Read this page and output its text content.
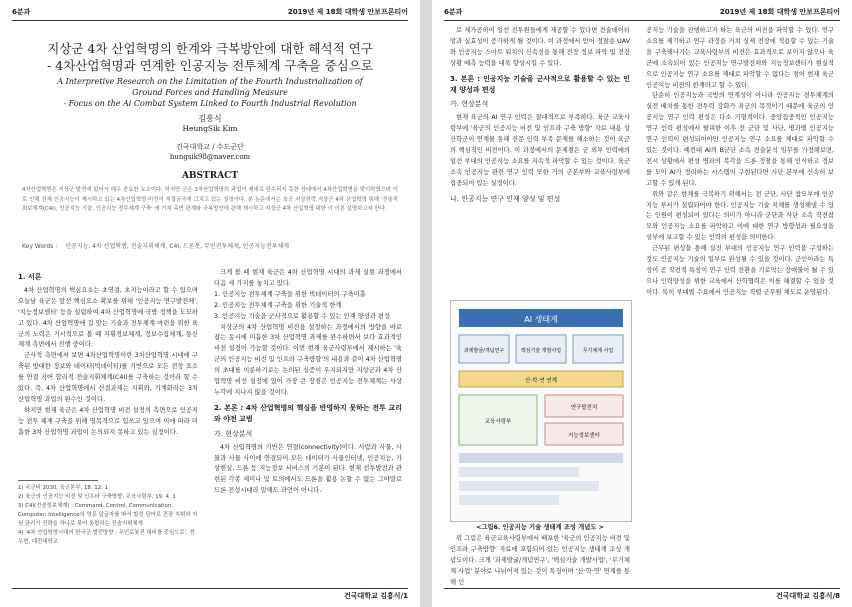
6분과	2019년 제 18회 대학생 안보프론티어
지상군 4차 산업혁명의 한계와 극복방안에 대한 해석적 연구
- 4차산업혁명과 연계한 인공지능 전투체계 구축을 중심으로
A Interpretive Research on the Limitation of the Fourth Industrialization of
Ground Forces and Handling Measure
- Focus on the Ai Combat System Linked to Fourth Industrial Revolution
김흥식
HeungSik Kim
건국대학교 / 수도군단
hungsik98@naver.com
ABSTRACT
4차산업혁명은 지상군 발전에 있어서 매우 중요한 요소이다. 하지만 군은 3차산업혁명의 과업이 제대로 완수되지 못한 상태에서 4차산업혁명을 맞이하였으며 이로 인해 전체 인공지능이 제시하고 있는 4차산업혁명 비전이 적절궁극에 그치고 있는 실정이다. 본 논문에서는 육군 지상전력 지상군 4차 산업혁명 위해 '전술적최보체계(C4I), 인공지능 기술, 인공지능 전투체계 구축' 에 가치 측면 한계와 극복방안에 관해 제시하고 지상군 4차 산업혁명 대한 이 이론 설명하고자 한다.
Key Words : 인공지능, 4차 산업혁명, 전술지휘체계, C4I, 드론봇, 무인전투체계, 인공지능전투체계

1. 서론

4차 산업혁명의 핵심요소는 초연결, 초지능이라고 할 수 있으며 오늘날 육군은 앞선 핵심요소 확보를 위해 '인공지능 연구발전체', '지능정보센터' 등을 설립하여 4차 산업혁명에 국방 정책을 도모하고 있다. 4차 산업혁명에 걸 맞는 기술과 전투체계 마련을 위한 육군의 노력은 거시적으로 볼 때 지휘정보체계, 정보수집체계, 통신체계 측면에서 진행 중이다.

군사적 측면에서 보면 4차산업혁명이란 3차산업혁명 시대에 구축된 방대한 정보와 데이터(빅데이터)를 기반으로 모든 전장 요소를 연결 지어 합리적 전술지휘체계(C4I)를 구축하는 것이라 할 수 있다. 즉, 4차 산업혁명에서 선결과제는 지휘와, 기계화라는 3차 산업혁명 과업의 완수인 것이다.

하지만 현재 육군은 4차 산업혁명 비전 설정의 측면으로 인공지능 전투 체계 구축을 위해 명목적으로 힘쓰고 있으며 이에 따라 미흡한 3차 산업혁명 과업이 논의되지 못하고 있는 실정이다.

1) 국군비 2030, 육군본부, 18. 12. 1
2) 육군의 인공지능 비전 및 인프라 구축방향, 교육사령부, 19. 4. 1
3) C4I(전술정보체계) : Command, Control, Communication, Computer, Intelligence의 영문 앞글자를 따서 합친 단어로 전장 지휘와 자원 관리가 전략을 하나로 묶어 통합하는 전술지휘체계
4) '4차 산업혁명시대의 한국군 발전방향 : 무인로봇전 대비를 중심으로', 전우현, 대전대학교

크게 볼 때 현재 육군은 4차 산업혁명 시대의 과제 실현 과정에서 다음 세 가지를 놓치고 있다.

1. 인공지능 전투체계 구축을 위한 빅데이터의 구축미흡

2. 인공지능 전투체계 구축을 위한 기술적 한계

3. 인공지능 기술을 군사적으로 활용할 수 있는 인재 양성과 편성

지상군의 4차 산업혁명 비전을 설정하는 과정에서의 방향을 바로잡는 동시에 미흡한 3차 산업혁명 과제를 완수하면서 보다 효과적인 비전 설정이 가능할 것이다. 이번 현재 육군사령부에서 제시하는 '육군의 인공지능 비전 및 인프라 구축방향'의 내용과 같이 4차 산업혁명의 초대를 이룬하기로는 논의된 실증이 우지되지만 지상군과 4차 산업혁명 비전 설정에 있어 가장 큰 장점은 인공지능 전투체계는 사상누각에 지나지 않을 것이다.

2. 본론 : 4차 산업혁명의 핵심을 반영하지 못하는 전투 교리와 야전 교범

가. 현상분석

4차 산업혁명의 기반은 연결(connectivity)이다. 사람과 사물, 사물과 사물 사이에 연결되어 모든 데이터가 사물인터넷, 인공지능, 가상현실, 드론 등 지능정보 서비스의 기본이 된다. 현재 전투발전과 관련된 각종 세미나 및 토의에서도 드론을 활용 논할 수 없는 그야말로 드론 전성시대라 말해도 과언이 아니다.

건국대학교 김흥식/1
6분과	2019년 제 18회 대학생 안보프론티어

로 제가공하여 일선 전투원들에게 제공할 수 있다면 전술데이터망과 실효성이 증가하게 될 것이다. 이 과정에서 얻어 정찰용 UAV와 인공지능 스마트 워치의 신속성을 통해 전장 정보 파악 및 전장상황 예측 능력을 대폭 향상시킬 수 있다.

3. 본론 : 인공지능 기술을 군사적으로 활용할 수 있는 인재 양성과 편성

가. 현상분석

현재 육군의 AI 연구 인력은 절대적으로 부족하다. 육군 교육사령부에 '육군의 인공지능 비전 및 인프라 구축 방향' 자료 내용 상 산학군이 연계를 통해 전문 인력 부족 문제를 해소하는 것이 육군의 핵심적인 비전이다. 이 과정에서의 문제점은 군 외부 인력에의 일선 부대의 인공지능 소요를 지속적 파악할 수 있는 것이다. 육군 소속 인공지능 관련 연구 인력 또한 거의 군본부와 교육사령부에 집중되어 있는 실정이다.

나. 인공지능 연구 인재 양성 및 편성

AI 생태계
과제발굴/개념연구	핵심기술 개발사업	무기체계 사업
산·학·연 연계
교육사령부
연구발전처
지능정보센터
<그림6. 인공지능 기술 생태계 조성 개념도 >

위 그림은 육군교육사령부에서 배포한 '육군의 인공지능 비전 및 인프라 구축방향' 자료에 포함되어 있는 인공지능 생태계 조성 개념도이다. 크게 '과제발굴/개념연구', '핵심기술 개발사업', '무기체계 사업' 분야로 나뉘어져 있는 것이 특징이며 '산·학·연' 연계를 통해 인

공지능 기술을 진행하고자 하는 육군의 비전을 파악할 수 있다. 연구 소요를 제기하고 연구 과정을 거쳐 실제 전장에 적용할 수 있는 기술을 구축해나가는 교육사령부의 비전은 효과적으로 보이지 않으나 육군에 소속되어 있는 인공지능 연구발전처와 지능정보센터가 현실적으로 인공지능 연구 소요를 제대로 파악할 수 없다는 점이 현재 육군 인공지능 비전의 한계라고 할 수 있다.

단순히 인공지능과 국방의 연계성이 아니라 인공지능 전투체계의 실전 배치를 통한 전투력 강화가 육군의 목적이기 때문에 육군의 인공지능 연구 인력 편성은 다소 기형적이다. 중앙집중적인 인공지능 연구 인력 편성에서 탈피한 이후 전 군단 및 사단, 병과별 인공지능 연구 인력이 편성되어야만 인공지능 연구 소요를 제대로 파악할 수 있는 것이다. 예컨대 AI의 B군단 소속 전술분석 임무를 가정해보면, 전시 상황에서 편성 병과의 복각을 드론 정찰을 통해 인식하고 정보를 모아 AI가 정리하는 시스템이 구현된다면 사단 본부에 신속히 보고할 수 있게 된다.

위와 같은 한계를 극복하기 위해서는 전 군단, 사단 참모부에 인공지능 부서가 설립되어야 한다. 인공지능 기술 지체를 생성해낼 수 있는 인원이 편성되어 있다는 의미가 아니라 군단과 사단 소속 작전참모와 인공지능 소요를 파악하고 이에 대한 연구 방향성과 필요성을 상부에 보고할 수 있는 인력의 편성을 의미한다.

근무된 편성을 통해 실전 부대의 인공지능 연구 인력을 구성하는 것도 인공지능 기술의 일부로 완성될 수 있을 것이다. 군인이라는 특성이 곧 작전적 특성이 연구 인력 전환을 기로막는 장애물이 될 수 있으나 인력양성을 위한 교육에서 산학협력은 이를 해결할 수 있을 것이다. 특히 부대별 수요에서 인공지능 직렬 군무원 채도로 운영된다.

건국대학교 김흥식/8
